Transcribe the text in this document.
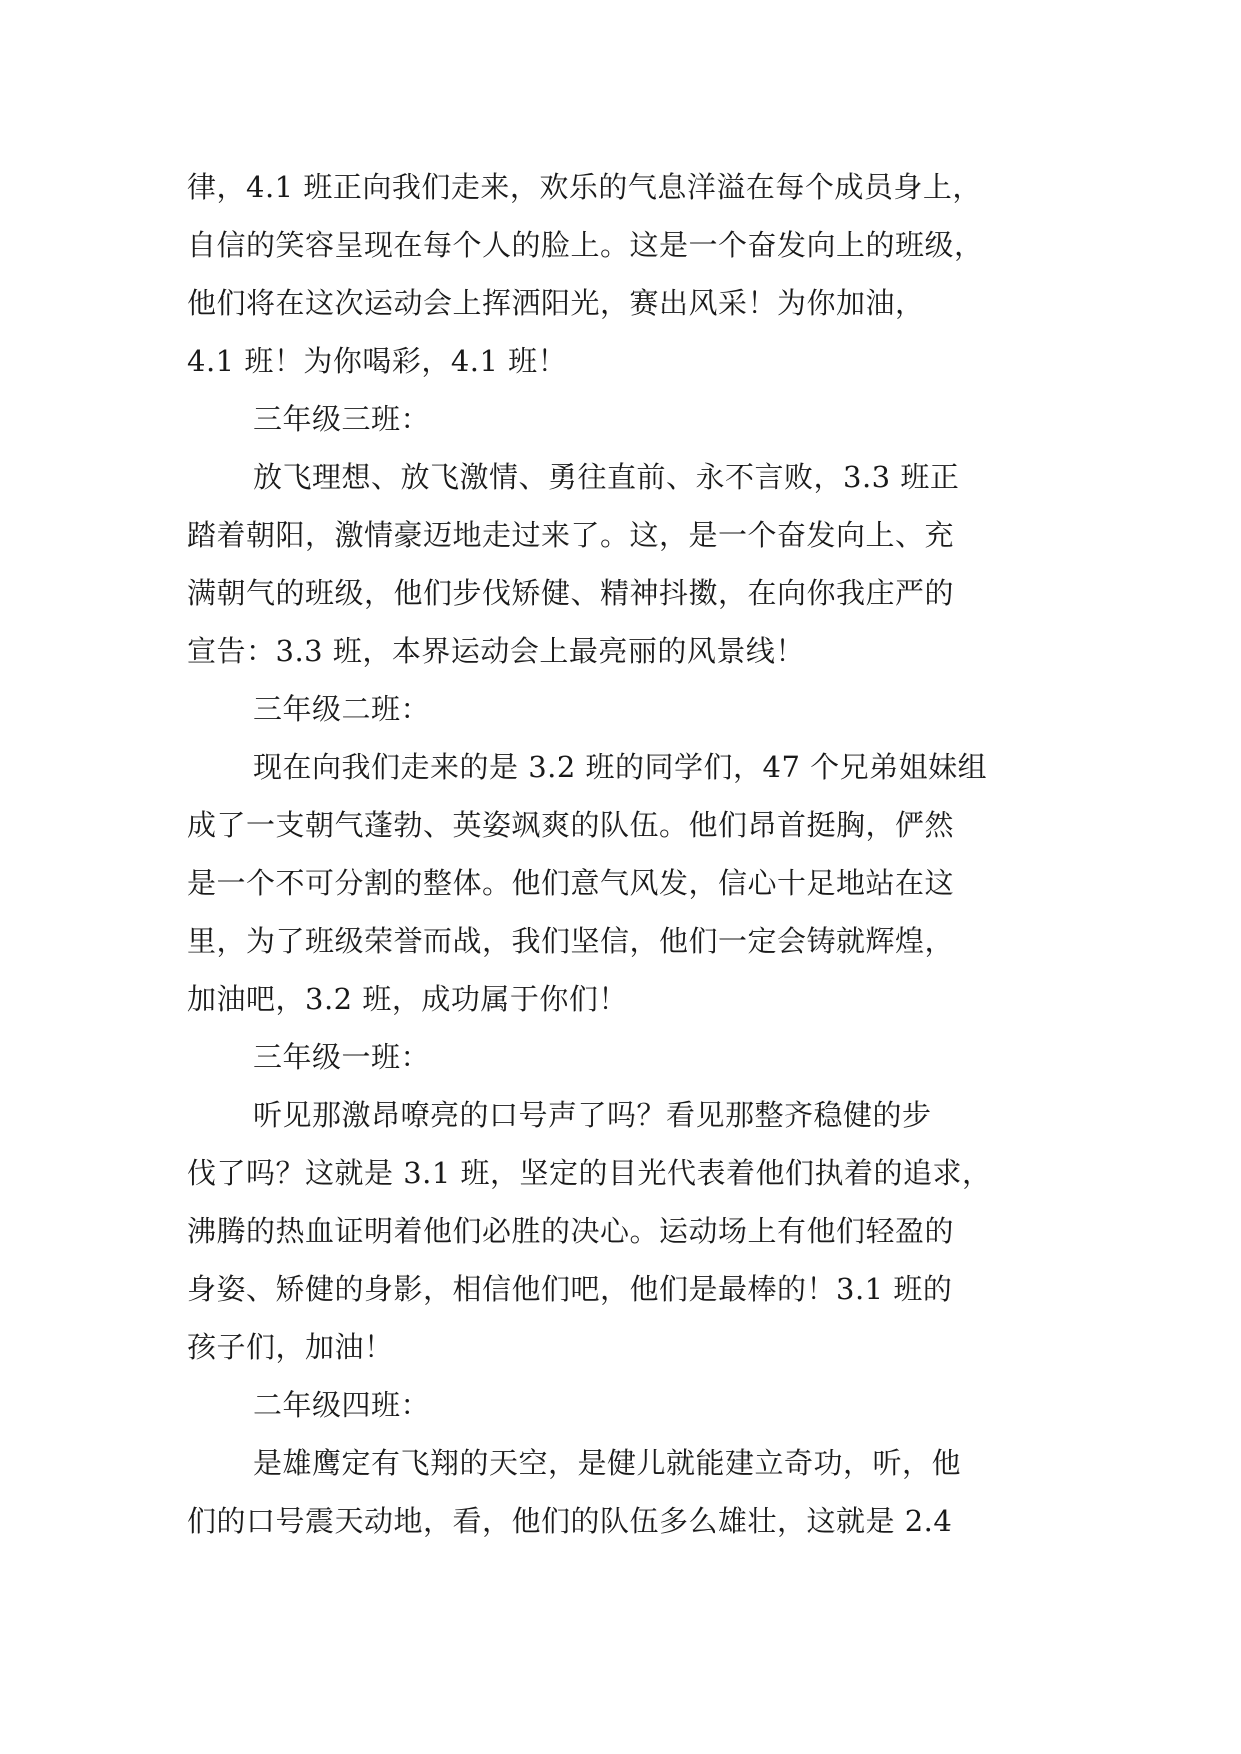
律，4.1 班正向我们走来，欢乐的气息洋溢在每个成员身上，
自信的笑容呈现在每个人的脸上。这是一个奋发向上的班级，
他们将在这次运动会上挥洒阳光，赛出风采！为你加油，
4.1 班！为你喝彩，4.1 班！
三年级三班：
放飞理想、放飞激情、勇往直前、永不言败，3.3 班正
踏着朝阳，激情豪迈地走过来了。这，是一个奋发向上、充
满朝气的班级，他们步伐矫健、精神抖擞，在向你我庄严的
宣告：3.3 班，本界运动会上最亮丽的风景线！
三年级二班：
现在向我们走来的是 3.2 班的同学们，47 个兄弟姐妹组
成了一支朝气蓬勃、英姿飒爽的队伍。他们昂首挺胸，俨然
是一个不可分割的整体。他们意气风发，信心十足地站在这
里，为了班级荣誉而战，我们坚信，他们一定会铸就辉煌，
加油吧，3.2 班，成功属于你们！
三年级一班：
听见那激昂嘹亮的口号声了吗？看见那整齐稳健的步
伐了吗？这就是 3.1 班，坚定的目光代表着他们执着的追求，
沸腾的热血证明着他们必胜的决心。运动场上有他们轻盈的
身姿、矫健的身影，相信他们吧，他们是最棒的！3.1 班的
孩子们，加油！
二年级四班：
是雄鹰定有飞翔的天空，是健儿就能建立奇功，听，他
们的口号震天动地，看，他们的队伍多么雄壮，这就是 2.4
